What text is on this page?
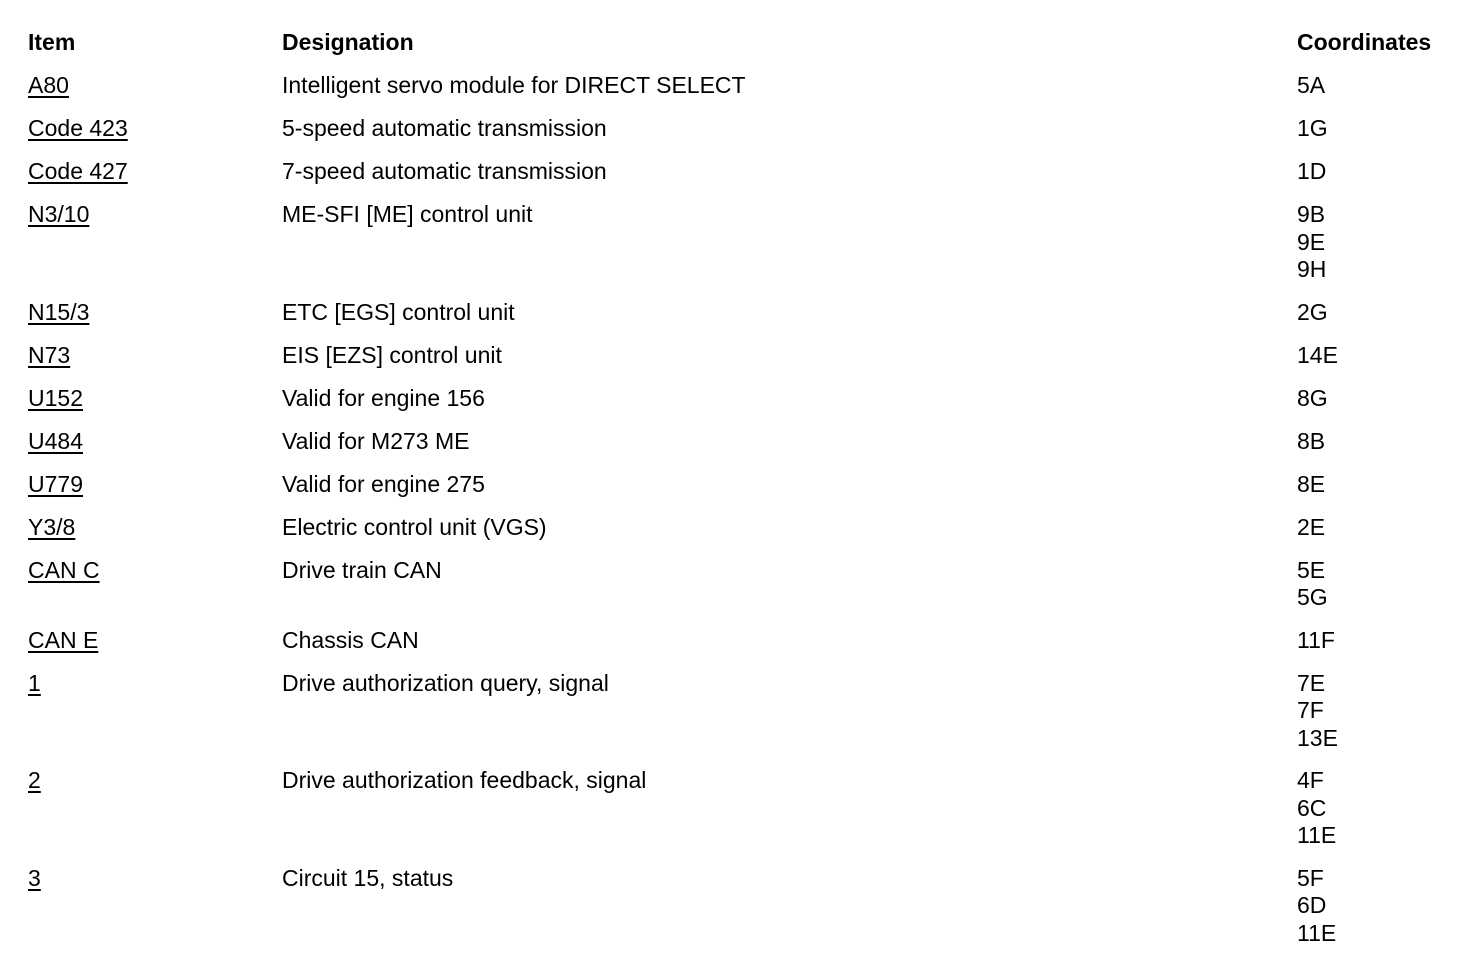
Item	Designation	Coordinates
A80	Intelligent servo module for DIRECT SELECT	5A
Code 423	5-speed automatic transmission	1G
Code 427	7-speed automatic transmission	1D
N3/10	ME-SFI [ME] control unit	9B
9E
9H
N15/3	ETC [EGS] control unit	2G
N73	EIS [EZS] control unit	14E
U152	Valid for engine 156	8G
U484	Valid for M273 ME	8B
U779	Valid for engine 275	8E
Y3/8	Electric control unit (VGS)	2E
CAN C	Drive train CAN	5E
5G
CAN E	Chassis CAN	11F
1	Drive authorization query, signal	7E
7F
13E
2	Drive authorization feedback, signal	4F
6C
11E
3	Circuit 15, status	5F
6D
11E
